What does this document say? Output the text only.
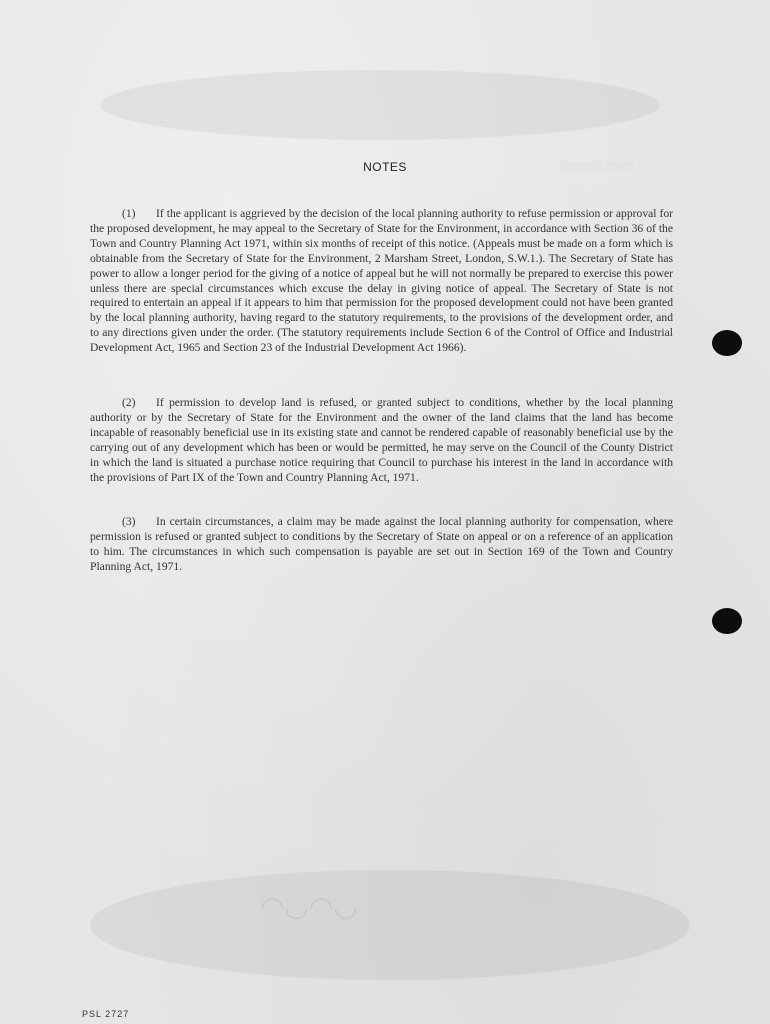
▒▒▒▒▒▒ ▒▒▒▒
◠◡◠◡
NOTES
(1) If the applicant is aggrieved by the decision of the local planning authority to refuse permission or approval for the proposed development, he may appeal to the Secretary of State for the Environment, in accordance with Section 36 of the Town and Country Planning Act 1971, within six months of receipt of this notice. (Appeals must be made on a form which is obtainable from the Secretary of State for the Environment, 2 Marsham Street, London, S.W.1.). The Secretary of State has power to allow a longer period for the giving of a notice of appeal but he will not normally be prepared to exercise this power unless there are special circumstances which excuse the delay in giving notice of appeal. The Secretary of State is not required to entertain an appeal if it appears to him that permission for the proposed development could not have been granted by the local planning authority, having regard to the statutory requirements, to the provisions of the development order, and to any directions given under the order. (The statutory requirements include Section 6 of the Control of Office and Industrial Development Act, 1965 and Section 23 of the Industrial Development Act 1966).
(2) If permission to develop land is refused, or granted subject to conditions, whether by the local planning authority or by the Secretary of State for the Environment and the owner of the land claims that the land has become incapable of reasonably beneficial use in its existing state and cannot be rendered capable of reasonably beneficial use by the carrying out of any development which has been or would be permitted, he may serve on the Council of the County District in which the land is situated a purchase notice requiring that Council to purchase his interest in the land in accordance with the provisions of Part IX of the Town and Country Planning Act, 1971.
(3) In certain circumstances, a claim may be made against the local planning authority for compensation, where permission is refused or granted subject to conditions by the Secretary of State on appeal or on a reference of an application to him. The circumstances in which such compensation is payable are set out in Section 169 of the Town and Country Planning Act, 1971.
PSL 2727
